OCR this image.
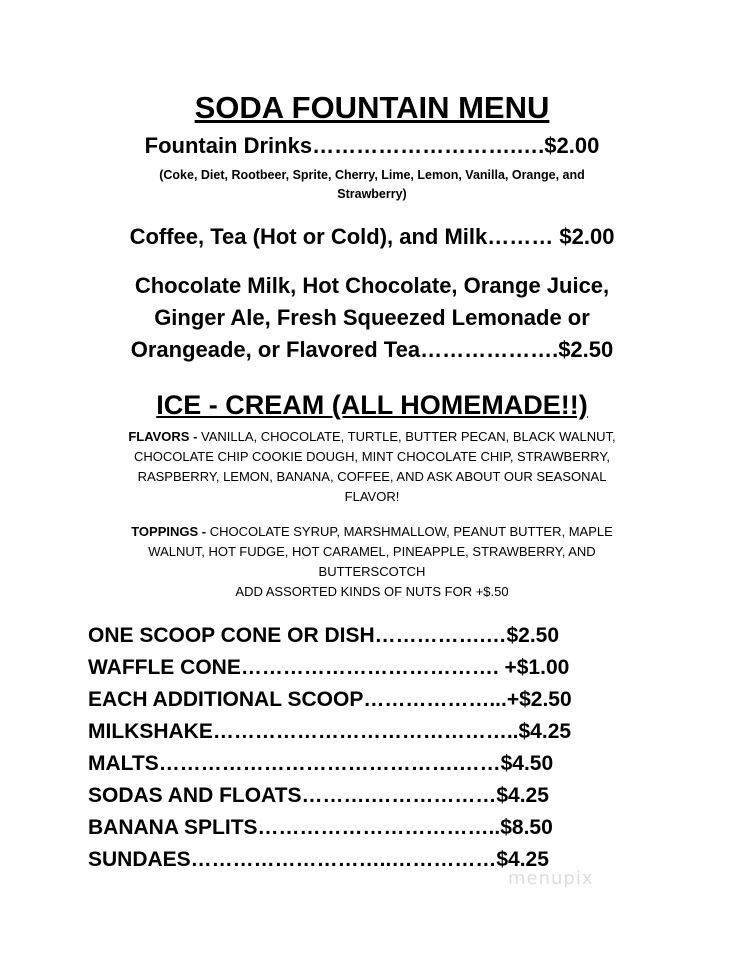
SODA FOUNTAIN MENU
Fountain Drinks……………………….….$2.00
(Coke, Diet, Rootbeer, Sprite, Cherry, Lime, Lemon, Vanilla, Orange, and
Strawberry)
Coffee, Tea (Hot or Cold), and Milk……… $2.00
Chocolate Milk, Hot Chocolate, Orange Juice,
Ginger Ale, Fresh Squeezed Lemonade or
Orangeade, or Flavored Tea……………….$2.50
ICE - CREAM (ALL HOMEMADE!!)
FLAVORS - VANILLA, CHOCOLATE, TURTLE, BUTTER PECAN, BLACK WALNUT,
CHOCOLATE CHIP COOKIE DOUGH, MINT CHOCOLATE CHIP, STRAWBERRY,
RASPBERRY, LEMON, BANANA, COFFEE, AND ASK ABOUT OUR SEASONAL
FLAVOR!
TOPPINGS - CHOCOLATE SYRUP, MARSHMALLOW, PEANUT BUTTER, MAPLE
WALNUT, HOT FUDGE, HOT CARAMEL, PINEAPPLE, STRAWBERRY, AND
BUTTERSCOTCH
ADD ASSORTED KINDS OF NUTS FOR +$.50
ONE SCOOP CONE OR DISH…………….…$2.50
WAFFLE CONE………………………………. +$1.00
EACH ADDITIONAL SCOOP………………...+$2.50
MILKSHAKE……………………………………..$4.25
MALTS…………………………………….……$4.50
SODAS AND FLOATS……….………………$4.25
BANANA SPLITS……………………………..$8.50
SUNDAES………………………..……………$4.25
menupix
